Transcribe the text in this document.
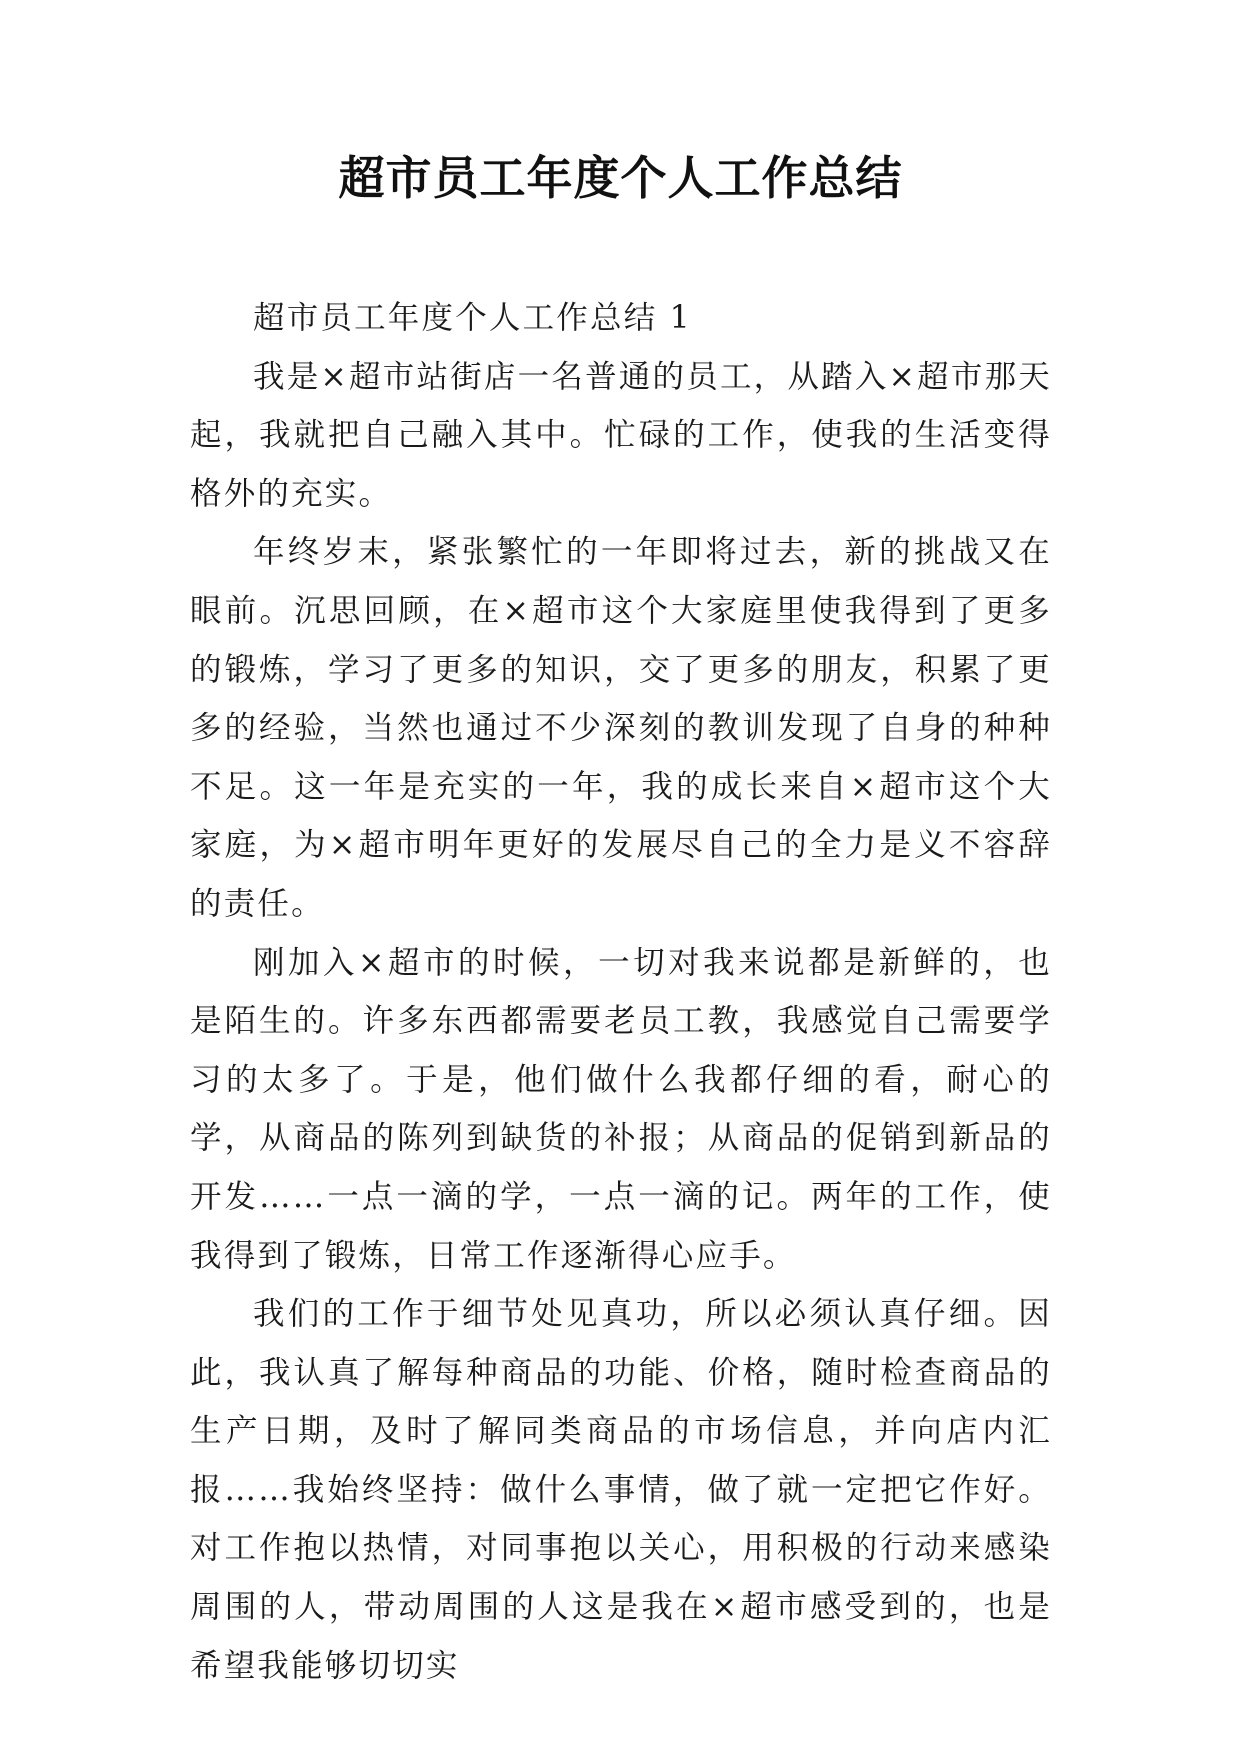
超市员工年度个人工作总结

超市员工年度个人工作总结 1

我是×超市站街店一名普通的员工，从踏入×超市那天起，我就把自己融入其中。忙碌的工作，使我的生活变得格外的充实。

年终岁末，紧张繁忙的一年即将过去，新的挑战又在眼前。沉思回顾，在×超市这个大家庭里使我得到了更多的锻炼，学习了更多的知识，交了更多的朋友，积累了更多的经验，当然也通过不少深刻的教训发现了自身的种种不足。这一年是充实的一年，我的成长来自×超市这个大家庭，为×超市明年更好的发展尽自己的全力是义不容辞的责任。

刚加入×超市的时候，一切对我来说都是新鲜的，也是陌生的。许多东西都需要老员工教，我感觉自己需要学习的太多了。于是，他们做什么我都仔细的看，耐心的学，从商品的陈列到缺货的补报；从商品的促销到新品的开发……一点一滴的学，一点一滴的记。两年的工作，使我得到了锻炼，日常工作逐渐得心应手。

我们的工作于细节处见真功，所以必须认真仔细。因此，我认真了解每种商品的功能、价格，随时检查商品的生产日期，及时了解同类商品的市场信息，并向店内汇报……我始终坚持：做什么事情，做了就一定把它作好。对工作抱以热情，对同事抱以关心，用积极的行动来感染周围的人，带动周围的人这是我在×超市感受到的，也是希望我能够切切实
